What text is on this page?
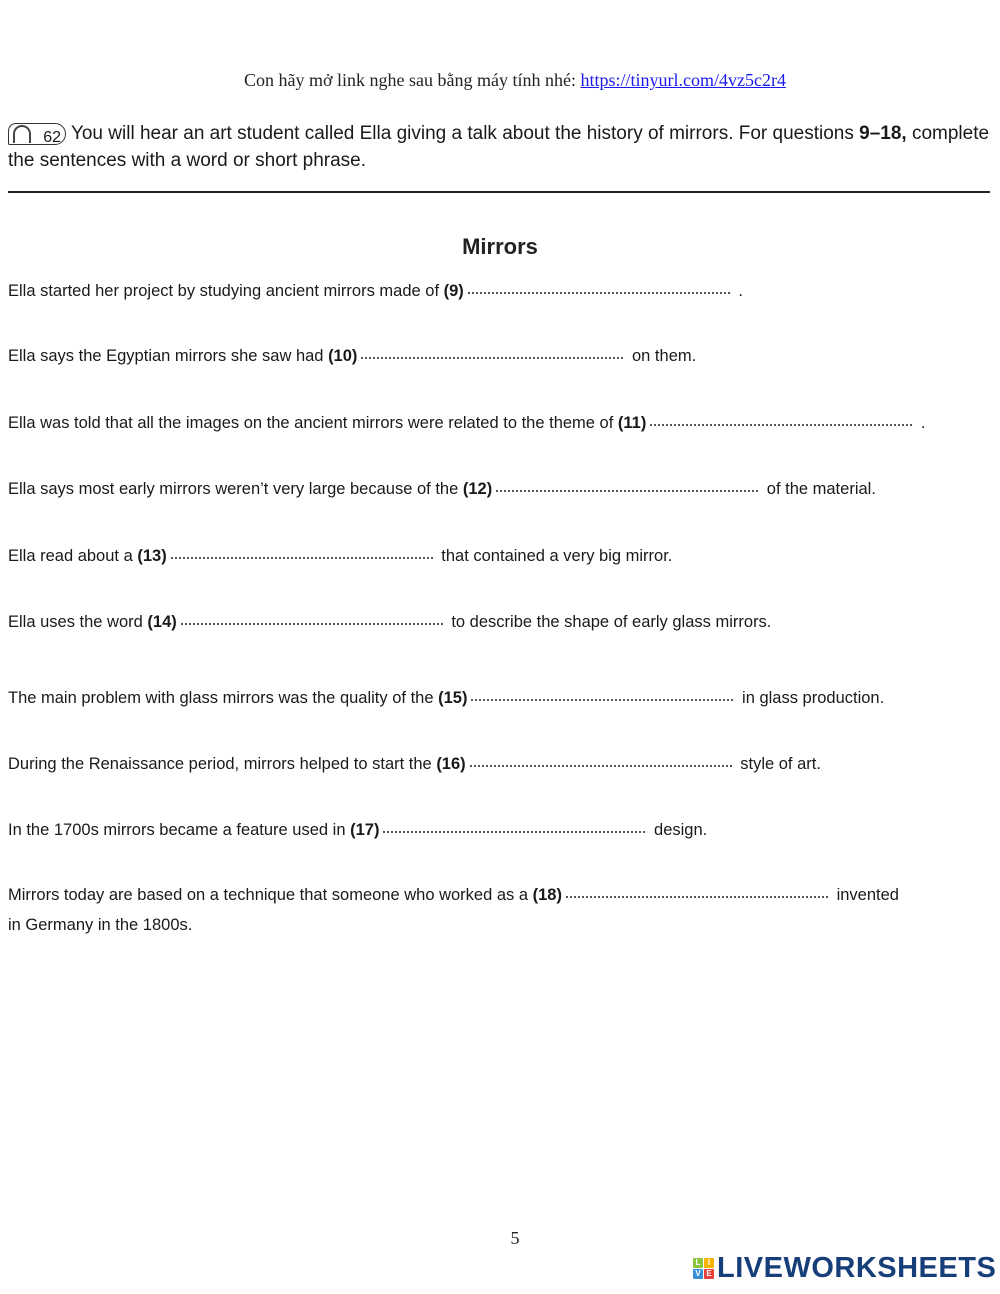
Con hãy mở link nghe sau bằng máy tính nhé: https://tinyurl.com/4vz5c2r4
62 You will hear an art student called Ella giving a talk about the history of mirrors. For questions 9–18, complete the sentences with a word or short phrase.
Mirrors
Ella started her project by studying ancient mirrors made of (9)	.
Ella says the Egyptian mirrors she saw had (10)	on them.
Ella was told that all the images on the ancient mirrors were related to the theme of (11)	.
Ella says most early mirrors weren’t very large because of the (12)	of the material.
Ella read about a (13)	that contained a very big mirror.
Ella uses the word (14)	to describe the shape of early glass mirrors.
The main problem with glass mirrors was the quality of the (15)	in glass production.
During the Renaissance period, mirrors helped to start the (16)	style of art.
In the 1700s mirrors became a feature used in (17)	design.
Mirrors today are based on a technique that someone who worked as a (18)	invented
in Germany in the 1800s.
5
L I
V E LIVEWORKSHEETS
